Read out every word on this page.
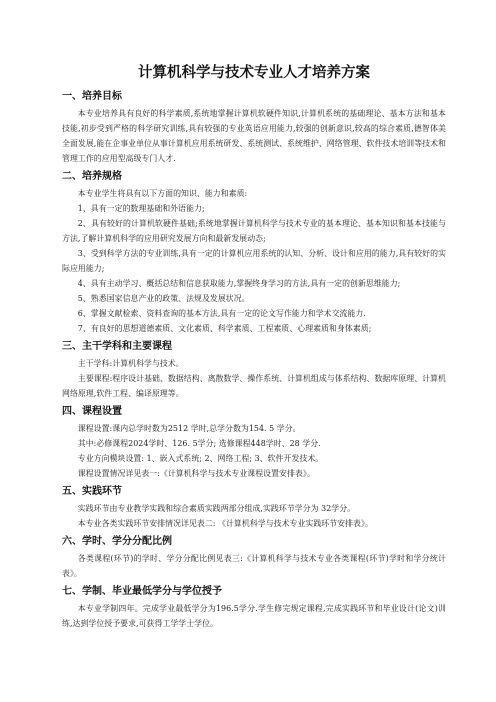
计算机科学与技术专业人才培养方案
一、培养目标

本专业培养具有良好的科学素质,系统地掌握计算机软硬件知识,计算机系统的基础理论、基本方法和基本技能,初步受到严格的科学研究训练,具有较强的专业英语应用能力,较强的创新意识,较高的综合素质,德智体美全面发展,能在企事业单位从事计算机应用系统研发、系统测试、系统维护、网络管理、软件技术培训等技术和管理工作的应用型高级专门人才.

二、培养规格

本专业学生将具有以下方面的知识、能力和素质:

1、具有一定的数理基础和外语能力;

2、具有较好的计算机软硬件基础;系统地掌握计算机科学与技术专业的基本理论、基本知识和基本技能与方法,了解计算机科学的应用研究发展方向和最新发展动态;

3、受到科学方法的专业训练,具有一定的计算机应用系统的认知、分析、设计和应用的能力,具有较好的实际应用能力;

4、具有主动学习、概括总结和信息获取能力,掌握终身学习的方法,具有一定的创新思维能力;

5、熟悉国家信息产业的政策、法规及发展状况。

6、掌握文献检索、资料查询的基本方法,具有一定的论文写作能力和学术交流能力.

7、有良好的思想道德素质、文化素质、科学素质、工程素质、心理素质和身体素质;

三、主干学科和主要课程

主干学科:计算机科学与技术。

主要课程:程序设计基础、数据结构、离散数学、操作系统、计算机组成与体系结构、数据库原理、计算机网络原理,软件工程、编译原理等。

四、课程设置

课程设置:课内总学时数为2512 学时,总学分数为154. 5 学分。

其中:必修课程2024学时、126. 5学分; 选修课程448学时、28 学分.

专业方向模块设置: 1、嵌入式系统; 2、网络工程; 3、软件开发技术。

课程设置情况详见表一:《计算机科学与技术专业课程设置安排表》。

五、实践环节

实践环节由专业教学实践和综合素质实践两部分组成,实践环节学分为 32学分。

本专业各类实践环节安排情况详见表二: 《计算机科学与技术专业实践环节安排表》。

六、学时、学分分配比例

各类课程(环节)的学时、学分分配比例见表三:《计算机科学与技术专业各类课程(环节)学时和学分统计表》。

七、学制、毕业最低学分与学位授予

本专业学制四年。完成学业最低学分为196.5学分.学生修完规定课程,完成实践环节和毕业设计(论文)训练,达到学位授予要求,可获得工学学士学位。
